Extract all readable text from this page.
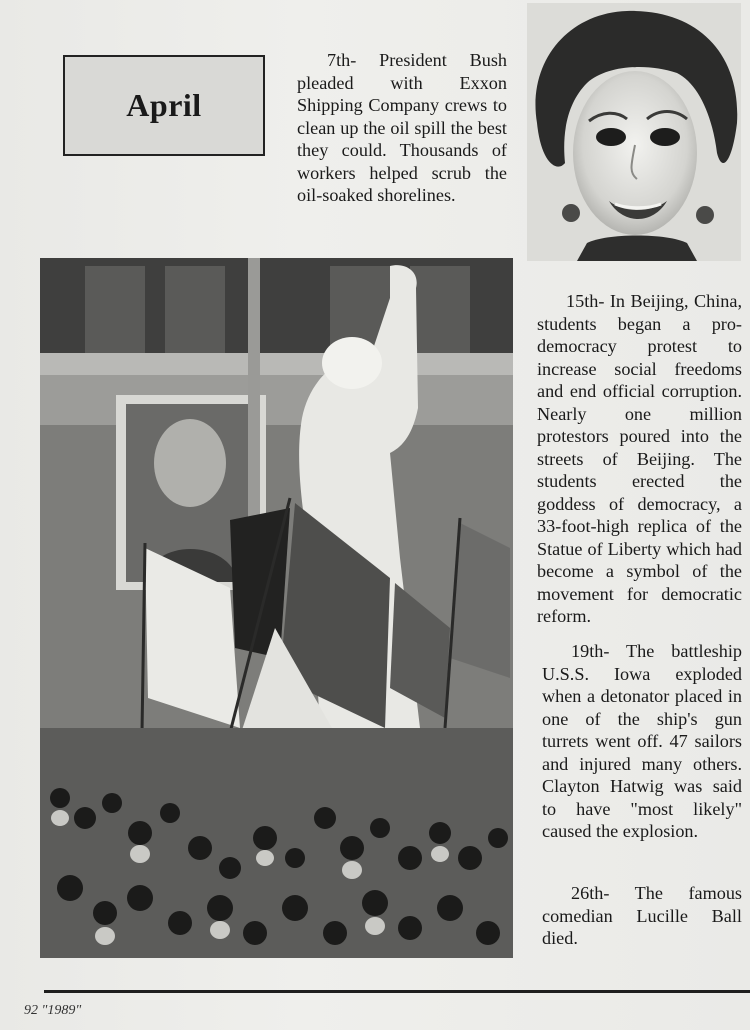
April

7th- President Bush pleaded with Exxon Shipping Company crews to clean up the oil spill the best they could. Thousands of workers helped scrub the oil-soaked shorelines.

15th- In Beijing, China, students began a pro-democracy protest to increase social freedoms and end official corruption. Nearly one million protestors poured into the streets of Beijing. The students erected the goddess of democracy, a 33-foot-high replica of the Statue of Liberty which had become a symbol of the movement for democratic reform.

19th- The battleship U.S.S. Iowa exploded when a detonator placed in one of the ship's gun turrets went off. 47 sailors and injured many others. Clayton Hatwig was said to have "most likely" caused the explosion.

26th- The famous comedian Lucille Ball died.

92 "1989"
